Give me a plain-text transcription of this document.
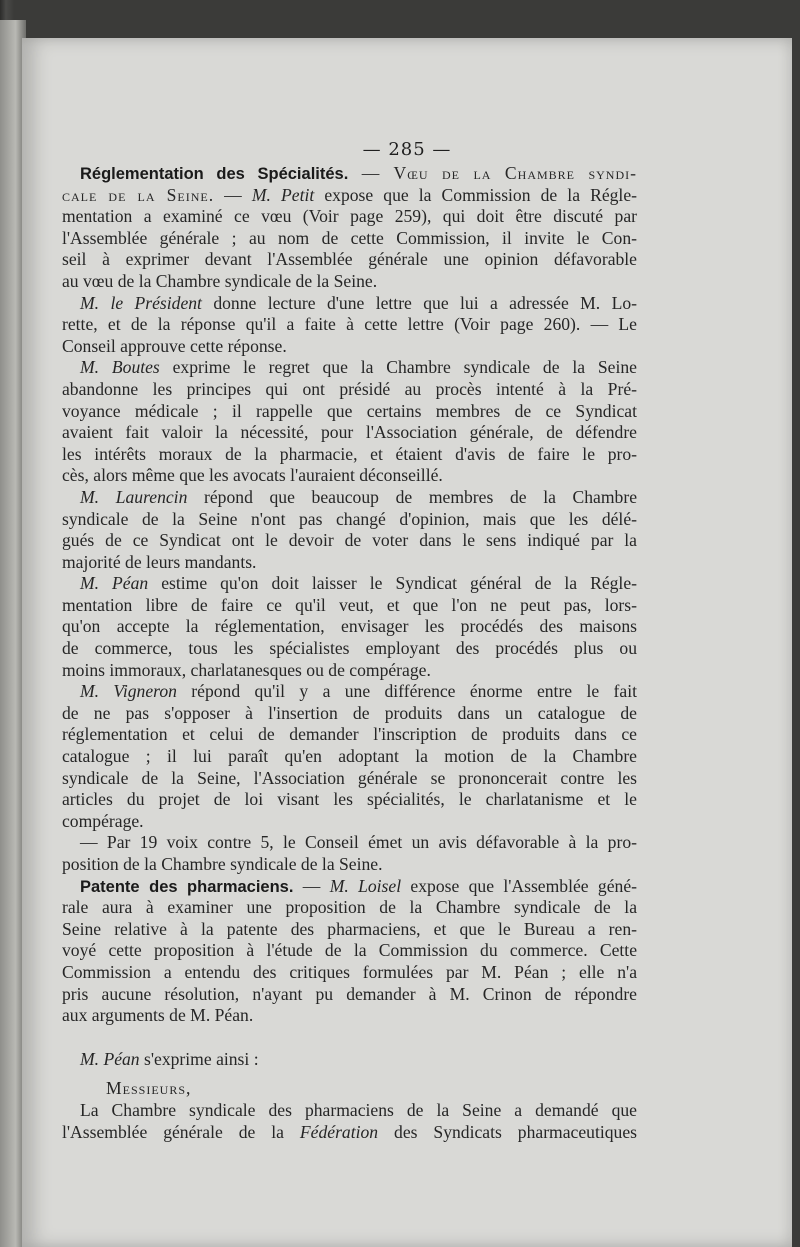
— 285 —
Réglementation des Spécialités. — Vœu de la Chambre syndi-
cale de la Seine. — M. Petit expose que la Commission de la Régle-
mentation a examiné ce vœu (Voir page 259), qui doit être discuté par
l'Assemblée générale ; au nom de cette Commission, il invite le Con-
seil à exprimer devant l'Assemblée générale une opinion défavorable
au vœu de la Chambre syndicale de la Seine.
M. le Président donne lecture d'une lettre que lui a adressée M. Lo-
rette, et de la réponse qu'il a faite à cette lettre (Voir page 260). — Le
Conseil approuve cette réponse.
M. Boutes exprime le regret que la Chambre syndicale de la Seine
abandonne les principes qui ont présidé au procès intenté à la Pré-
voyance médicale ; il rappelle que certains membres de ce Syndicat
avaient fait valoir la nécessité, pour l'Association générale, de défendre
les intérêts moraux de la pharmacie, et étaient d'avis de faire le pro-
cès, alors même que les avocats l'auraient déconseillé.
M. Laurencin répond que beaucoup de membres de la Chambre
syndicale de la Seine n'ont pas changé d'opinion, mais que les délé-
gués de ce Syndicat ont le devoir de voter dans le sens indiqué par la
majorité de leurs mandants.
M. Péan estime qu'on doit laisser le Syndicat général de la Régle-
mentation libre de faire ce qu'il veut, et que l'on ne peut pas, lors-
qu'on accepte la réglementation, envisager les procédés des maisons
de commerce, tous les spécialistes employant des procédés plus ou
moins immoraux, charlatanesques ou de compérage.
M. Vigneron répond qu'il y a une différence énorme entre le fait
de ne pas s'opposer à l'insertion de produits dans un catalogue de
réglementation et celui de demander l'inscription de produits dans ce
catalogue ; il lui paraît qu'en adoptant la motion de la Chambre
syndicale de la Seine, l'Association générale se prononcerait contre les
articles du projet de loi visant les spécialités, le charlatanisme et le
compérage.
— Par 19 voix contre 5, le Conseil émet un avis défavorable à la pro-
position de la Chambre syndicale de la Seine.
Patente des pharmaciens. — M. Loisel expose que l'Assemblée géné-
rale aura à examiner une proposition de la Chambre syndicale de la
Seine relative à la patente des pharmaciens, et que le Bureau a ren-
voyé cette proposition à l'étude de la Commission du commerce. Cette
Commission a entendu des critiques formulées par M. Péan ; elle n'a
pris aucune résolution, n'ayant pu demander à M. Crinon de répondre
aux arguments de M. Péan.
M. Péan s'exprime ainsi :
Messieurs,
La Chambre syndicale des pharmaciens de la Seine a demandé que
l'Assemblée générale de la Fédération des Syndicats pharmaceutiques
